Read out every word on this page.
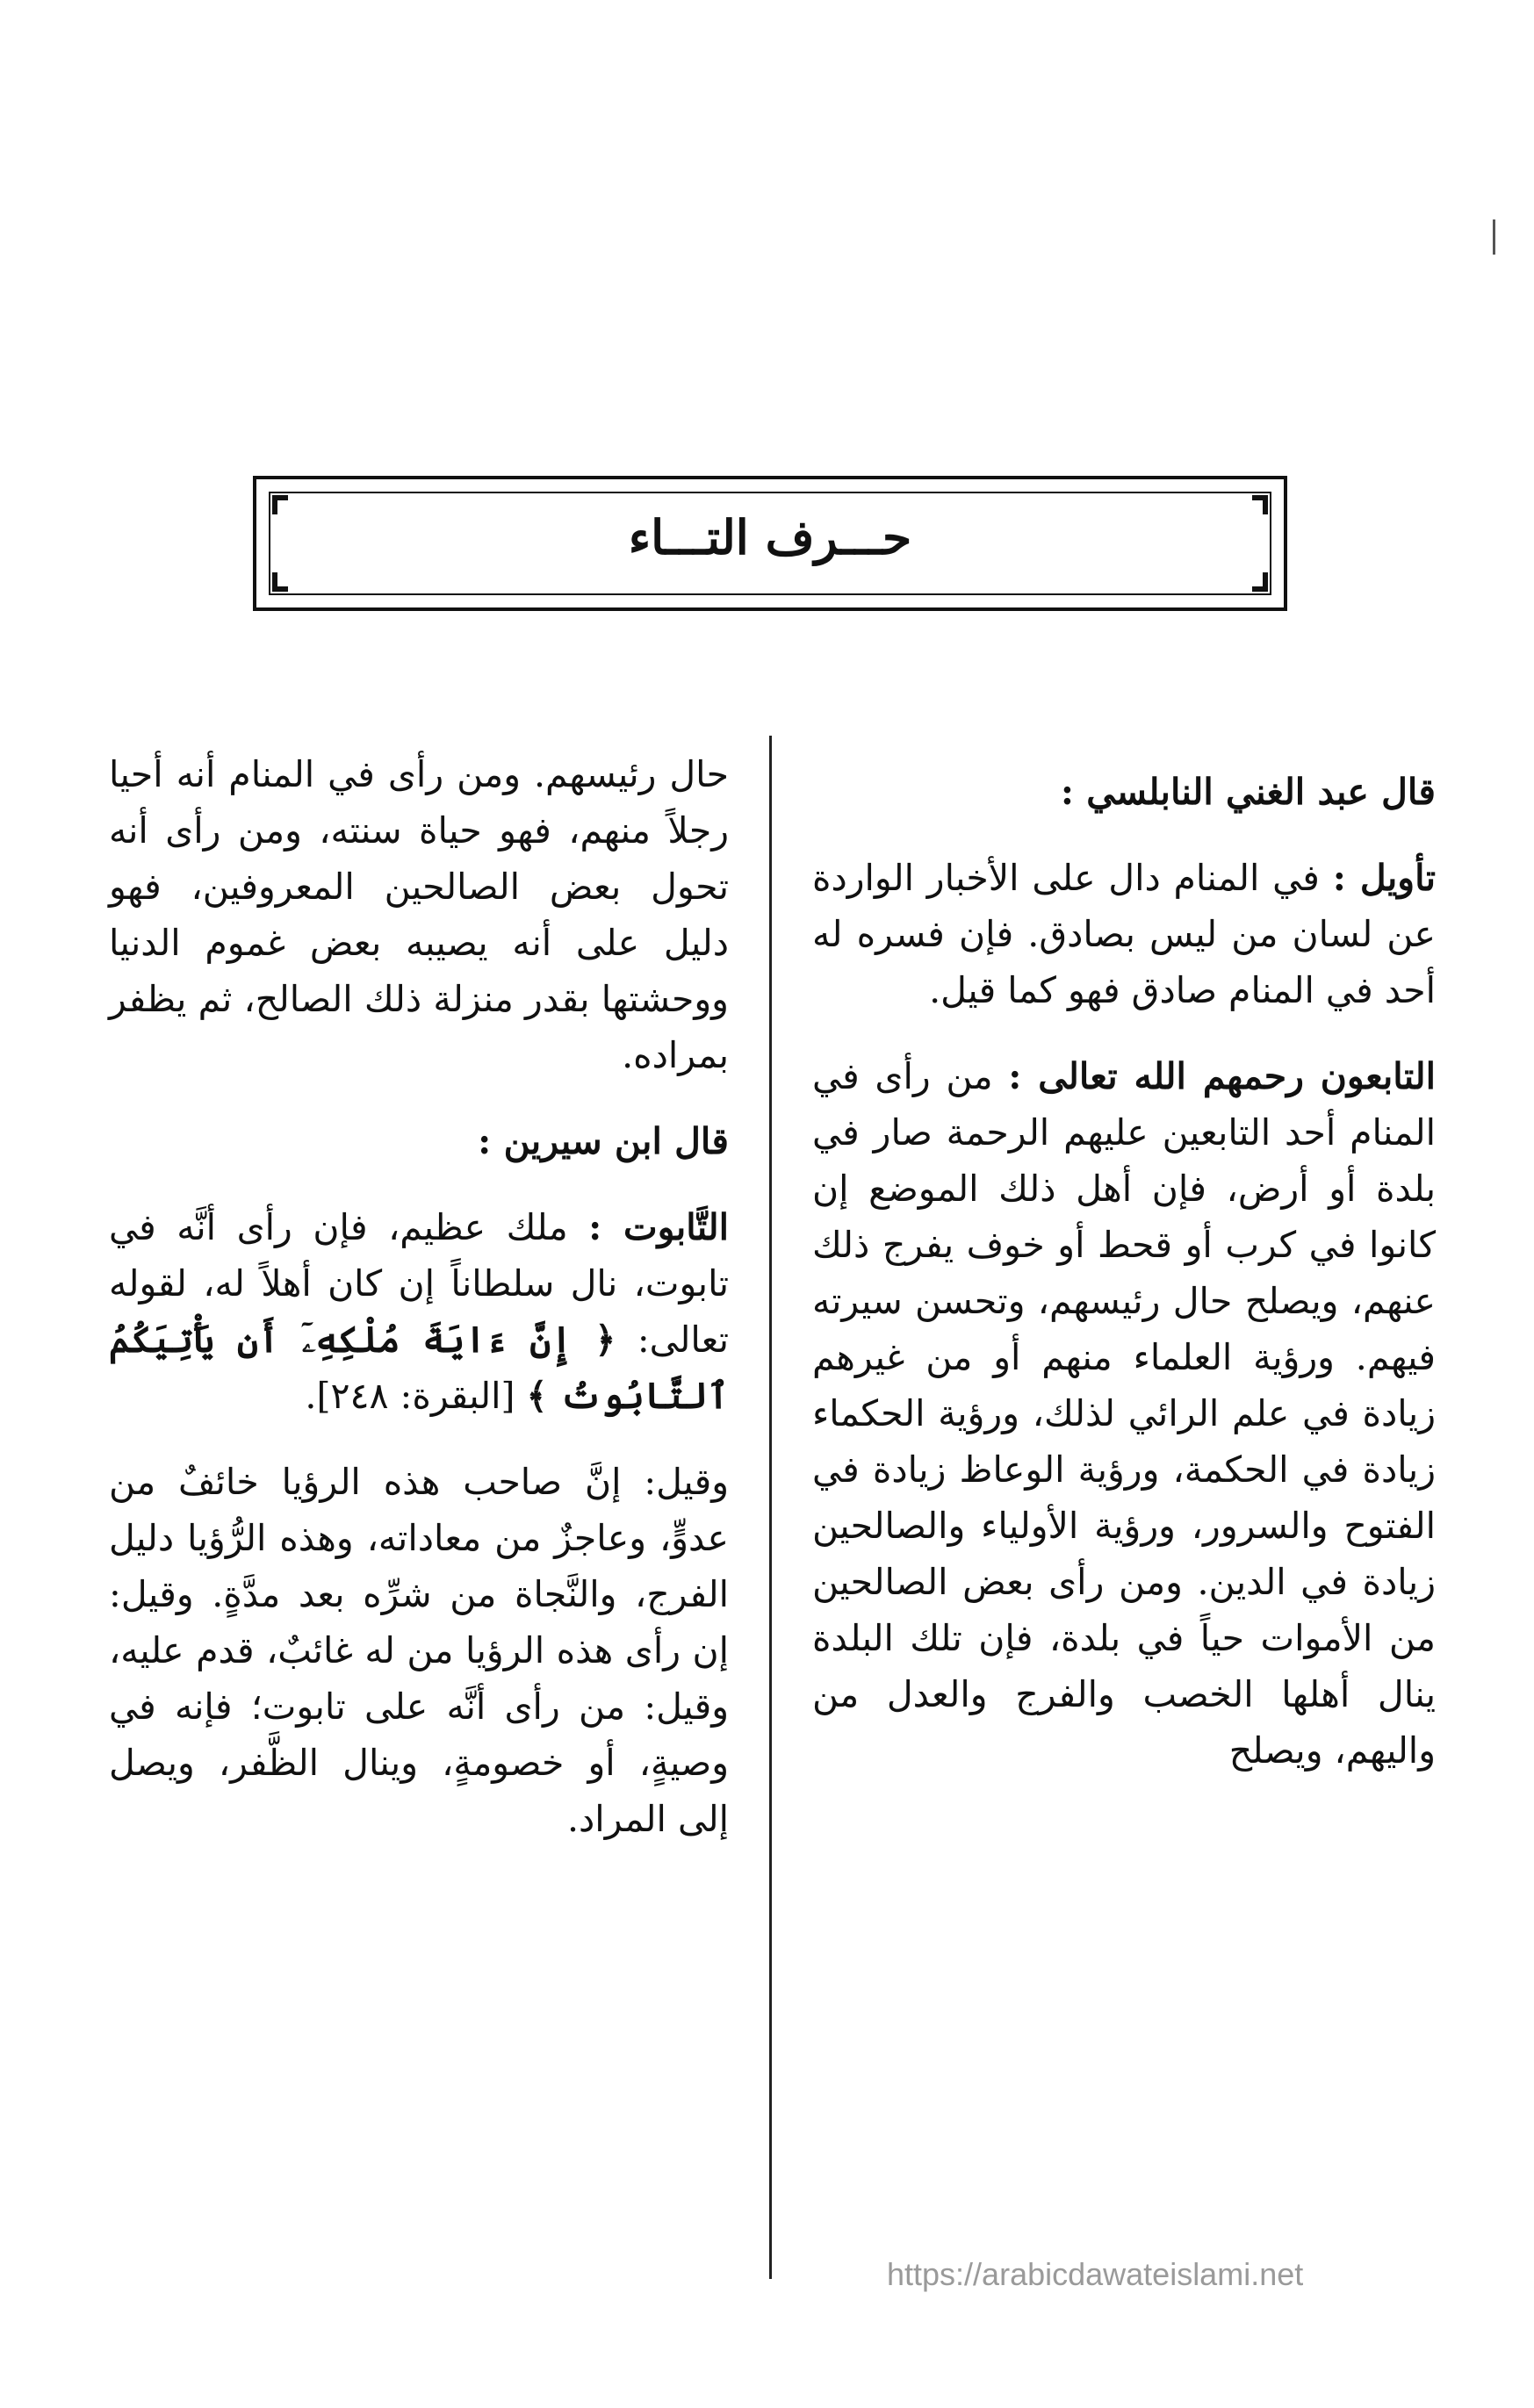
حـــرف التـــاء
قال عبد الغني النابلسي :

تأويل : في المنام دال على الأخبار الواردة عن لسان من ليس بصادق. فإن فسره له أحد في المنام صادق فهو كما قيل.

التابعون رحمهم الله تعالى : من رأى في المنام أحد التابعين عليهم الرحمة صار في بلدة أو أرض، فإن أهل ذلك الموضع إن كانوا في كرب أو قحط أو خوف يفرج ذلك عنهم، ويصلح حال رئيسهم، وتحسن سيرته فيهم. ورؤية العلماء منهم أو من غيرهم زيادة في علم الرائي لذلك، ورؤية الحكماء زيادة في الحكمة، ورؤية الوعاظ زيادة في الفتوح والسرور، ورؤية الأولياء والصالحين زيادة في الدين. ومن رأى بعض الصالحين من الأموات حياً في بلدة، فإن تلك البلدة ينال أهلها الخصب والفرج والعدل من واليهم، ويصلح

حال رئيسهم. ومن رأى في المنام أنه أحيا رجلاً منهم، فهو حياة سنته، ومن رأى أنه تحول بعض الصالحين المعروفين، فهو دليل على أنه يصيبه بعض غموم الدنيا ووحشتها بقدر منزلة ذلك الصالح، ثم يظفر بمراده.

قال ابن سيرين :

التَّابوت : ملك عظيم، فإن رأى أنَّه في تابوت، نال سلطاناً إن كان أهلاً له، لقوله تعالى: ﴿ إِنَّ ءَايَةَ مُلْكِهِۦٓ أَن يَأْتِيَكُمُ ٱلتَّابُوتُ ﴾ [البقرة: ٢٤٨].

وقيل: إنَّ صاحب هذه الرؤيا خائفٌ من عدوٍّ، وعاجزٌ من معاداته، وهذه الرُّؤيا دليل الفرج، والنَّجاة من شرِّه بعد مدَّةٍ. وقيل: إن رأى هذه الرؤيا من له غائبٌ، قدم عليه، وقيل: من رأى أنَّه على تابوت؛ فإنه في وصيةٍ، أو خصومةٍ، وينال الظَّفر، ويصل إلى المراد.

https://arabicdawateislami.net
